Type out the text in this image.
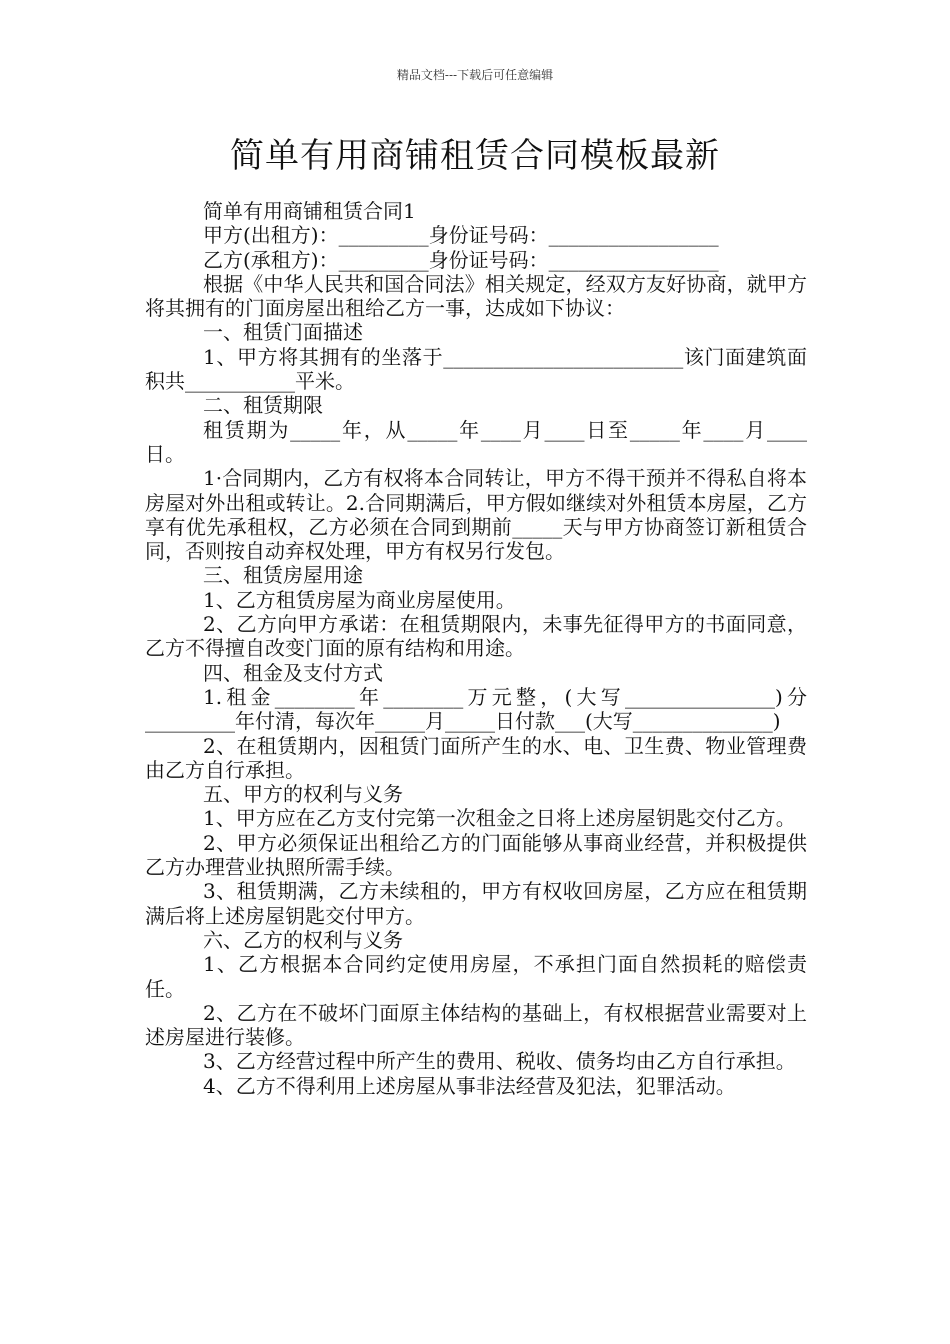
精品文档---下载后可任意编辑
简单有用商铺租赁合同模板最新

简单有用商铺租赁合同1

甲方(出租方)：_________身份证号码：_________________

乙方(承租方)：_________身份证号码：_________________

根据《中华人民共和国合同法》相关规定，经双方友好协商，就甲方将其拥有的门面房屋出租给乙方一事，达成如下协议：

一、租赁门面描述

1、甲方将其拥有的坐落于________________________该门面建筑面积共___________平米。

二、租赁期限

租赁期为_____年，从_____年____月____日至_____年____月____日。

1·合同期内，乙方有权将本合同转让，甲方不得干预并不得私自将本房屋对外出租或转让。2.合同期满后，甲方假如继续对外租赁本房屋，乙方享有优先承租权，乙方必须在合同到期前_____天与甲方协商签订新租赁合同，否则按自动弃权处理，甲方有权另行发包。

三、租赁房屋用途

1、乙方租赁房屋为商业房屋使用。

2、乙方向甲方承诺：在租赁期限内，未事先征得甲方的书面同意，乙方不得擅自改变门面的原有结构和用途。

四、租金及支付方式

1.租金________年________万元整，(大写_______________)分_________年付清，每次年_____月_____日付款___(大写______________)

2、在租赁期内，因租赁门面所产生的水、电、卫生费、物业管理费由乙方自行承担。

五、甲方的权利与义务

1、甲方应在乙方支付完第一次租金之日将上述房屋钥匙交付乙方。

2、甲方必须保证出租给乙方的门面能够从事商业经营，并积极提供乙方办理营业执照所需手续。

3、租赁期满，乙方未续租的，甲方有权收回房屋，乙方应在租赁期满后将上述房屋钥匙交付甲方。

六、乙方的权利与义务

1、乙方根据本合同约定使用房屋，不承担门面自然损耗的赔偿责任。

2、乙方在不破坏门面原主体结构的基础上，有权根据营业需要对上述房屋进行装修。

3、乙方经营过程中所产生的费用、税收、债务均由乙方自行承担。

4、乙方不得利用上述房屋从事非法经营及犯法，犯罪活动。
